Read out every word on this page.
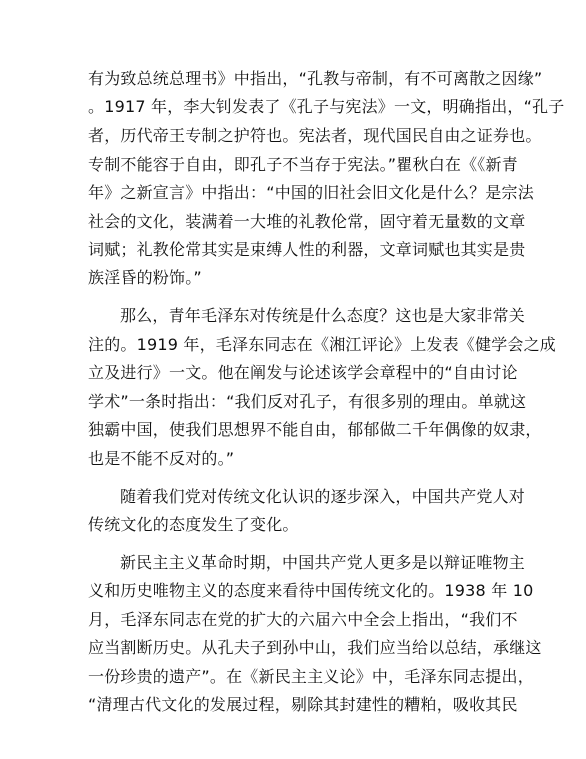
有为致总统总理书》中指出，“孔教与帝制，有不可离散之因缘”
。1917 年，李大钊发表了《孔子与宪法》一文，明确指出，“孔子
者，历代帝王专制之护符也。宪法者，现代国民自由之证券也。
专制不能容于自由，即孔子不当存于宪法。”瞿秋白在《《新青
年》之新宣言》中指出：“中国的旧社会旧文化是什么？是宗法
社会的文化，装满着一大堆的礼教伦常，固守着无量数的文章
词赋；礼教伦常其实是束缚人性的利器，文章词赋也其实是贵
族淫昏的粉饰。”
那么，青年毛泽东对传统是什么态度？这也是大家非常关
注的。1919 年，毛泽东同志在《湘江评论》上发表《健学会之成
立及进行》一文。他在阐发与论述该学会章程中的“自由讨论
学术”一条时指出：“我们反对孔子，有很多别的理由。单就这
独霸中国，使我们思想界不能自由，郁郁做二千年偶像的奴隶，
也是不能不反对的。”
随着我们党对传统文化认识的逐步深入，中国共产党人对
传统文化的态度发生了变化。
新民主主义革命时期，中国共产党人更多是以辩证唯物主
义和历史唯物主义的态度来看待中国传统文化的。1938 年 10
月，毛泽东同志在党的扩大的六届六中全会上指出，“我们不
应当割断历史。从孔夫子到孙中山，我们应当给以总结，承继这
一份珍贵的遗产”。在《新民主主义论》中，毛泽东同志提出，
“清理古代文化的发展过程，剔除其封建性的糟粕，吸收其民
